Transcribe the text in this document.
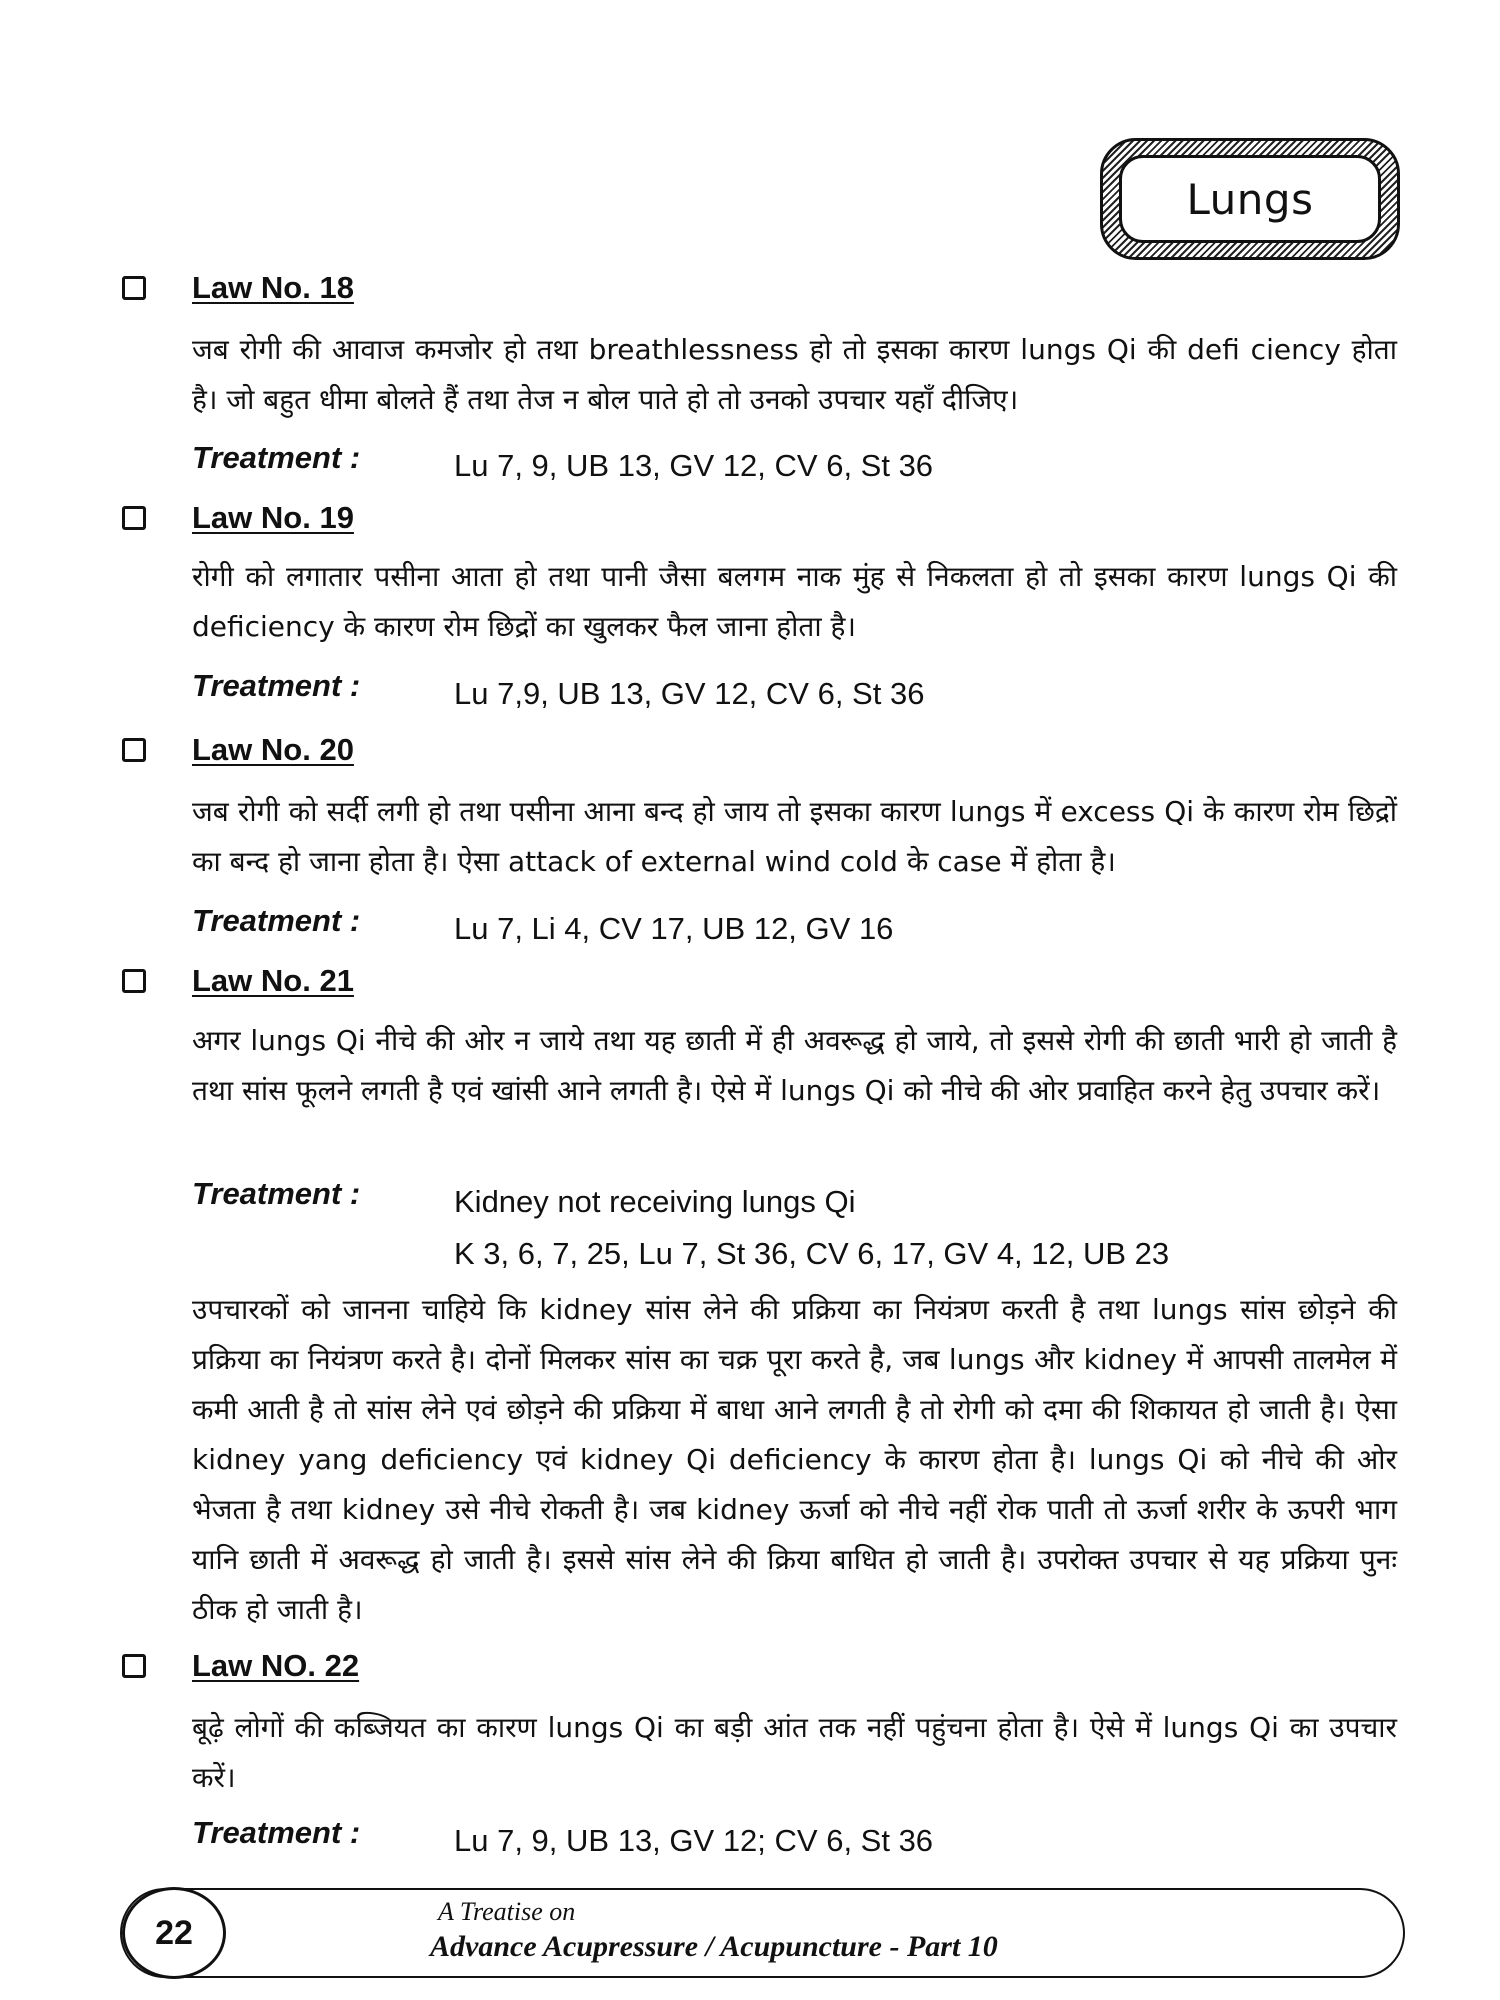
Lungs
Law No. 18
जब रोगी की आवाज कमजोर हो तथा breathlessness हो तो इसका कारण lungs Qi की defi ciency होता है। जो बहुत धीमा बोलते हैं तथा तेज न बोल पाते हो तो उनको उपचार यहाँ दीजिए।
Treatment :	Lu 7, 9, UB 13, GV 12, CV 6, St 36
Law No. 19
रोगी को लगातार पसीना आता हो तथा पानी जैसा बलगम नाक मुंह से निकलता हो तो इसका कारण lungs Qi की deficiency के कारण रोम छिद्रों का खुलकर फैल जाना होता है।
Treatment :	Lu 7,9, UB 13, GV 12, CV 6, St 36
Law No. 20
जब रोगी को सर्दी लगी हो तथा पसीना आना बन्द हो जाय तो इसका कारण lungs में excess Qi के कारण रोम छिद्रों का बन्द हो जाना होता है। ऐसा attack of external wind cold के case में होता है।
Treatment :	Lu 7, Li 4, CV 17, UB 12, GV 16
Law No. 21
अगर lungs Qi नीचे की ओर न जाये तथा यह छाती में ही अवरूद्ध हो जाये, तो इससे रोगी की छाती भारी हो जाती है तथा सांस फूलने लगती है एवं खांसी आने लगती है। ऐसे में lungs Qi को नीचे की ओर प्रवाहित करने हेतु उपचार करें।
Treatment :	Kidney not receiving lungs Qi
K 3, 6, 7, 25, Lu 7, St 36, CV 6, 17, GV 4, 12, UB 23
उपचारकों को जानना चाहिये कि kidney सांस लेने की प्रक्रिया का नियंत्रण करती है तथा lungs सांस छोड़ने की प्रक्रिया का नियंत्रण करते है। दोनों मिलकर सांस का चक्र पूरा करते है, जब lungs और kidney में आपसी तालमेल में कमी आती है तो सांस लेने एवं छोड़ने की प्रक्रिया में बाधा आने लगती है तो रोगी को दमा की शिकायत हो जाती है। ऐसा kidney yang deficiency एवं kidney Qi deficiency के कारण होता है। lungs Qi को नीचे की ओर भेजता है तथा kidney उसे नीचे रोकती है। जब kidney ऊर्जा को नीचे नहीं रोक पाती तो ऊर्जा शरीर के ऊपरी भाग यानि छाती में अवरूद्ध हो जाती है। इससे सांस लेने की क्रिया बाधित हो जाती है। उपरोक्त उपचार से यह प्रक्रिया पुनः ठीक हो जाती है।
Law NO. 22
बूढ़े लोगों की कब्जियत का कारण lungs Qi का बड़ी आंत तक नहीं पहुंचना होता है। ऐसे में lungs Qi का उपचार करें।
Treatment :	Lu 7, 9, UB 13, GV 12; CV 6, St 36
22
A Treatise on
Advance Acupressure / Acupuncture - Part 10
